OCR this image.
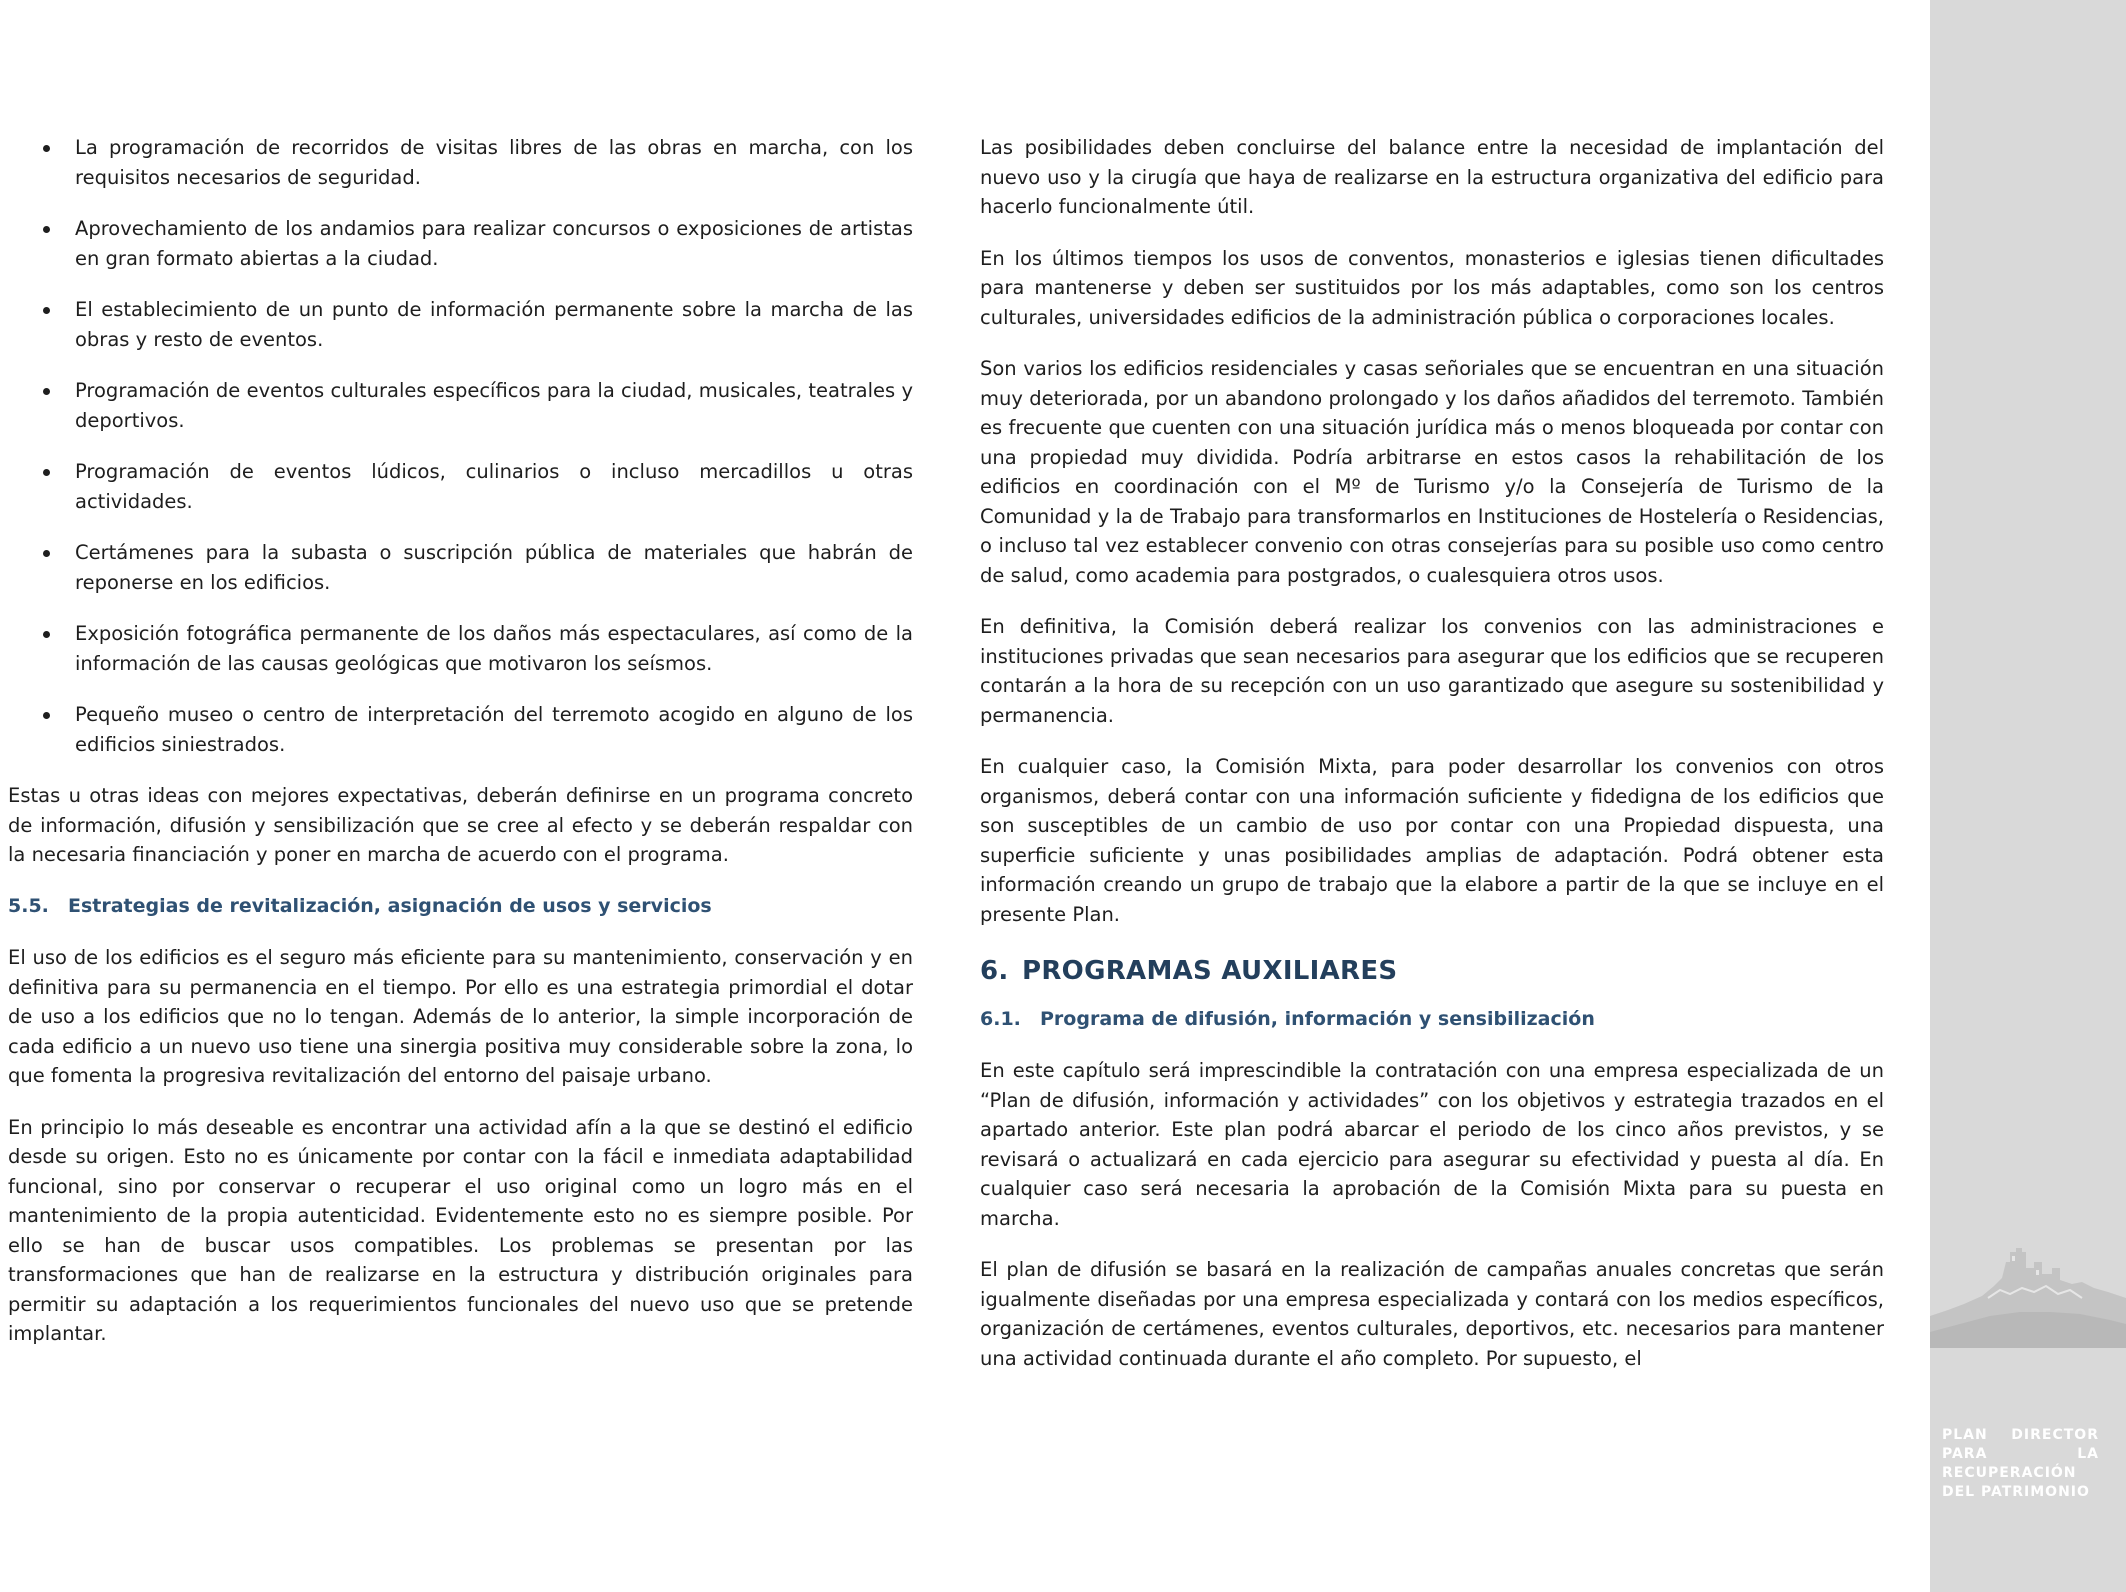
La programación de recorridos de visitas libres de las obras en marcha, con los requisitos necesarios de seguridad.
Aprovechamiento de los andamios para realizar concursos o exposiciones de artistas en gran formato abiertas a la ciudad.
El establecimiento de un punto de información permanente sobre la marcha de las obras y resto de eventos.
Programación de eventos culturales específicos para la ciudad, musicales, teatrales y deportivos.
Programación de eventos lúdicos, culinarios o incluso mercadillos u otras actividades.
Certámenes para la subasta o suscripción pública de materiales que habrán de reponerse en los edificios.
Exposición fotográfica permanente de los daños más espectaculares, así como de la información de las causas geológicas que motivaron los seísmos.
Pequeño museo o centro de interpretación del terremoto acogido en alguno de los edificios siniestrados.

Estas u otras ideas con mejores expectativas, deberán definirse en un programa concreto de información, difusión y sensibilización que se cree al efecto y se deberán respaldar con la necesaria financiación y poner en marcha de acuerdo con el programa.

5.5.	Estrategias de revitalización, asignación de usos y servicios

El uso de los edificios es el seguro más eficiente para su mantenimiento, conservación y en definitiva para su permanencia en el tiempo. Por ello es una estrategia primordial el dotar de uso a los edificios que no lo tengan. Además de lo anterior, la simple incorporación de cada edificio a un nuevo uso tiene una sinergia positiva muy considerable sobre la zona, lo que fomenta la progresiva revitalización del entorno del paisaje urbano.

En principio lo más deseable es encontrar una actividad afín a la que se destinó el edificio desde su origen. Esto no es únicamente por contar con la fácil e inmediata adaptabilidad funcional, sino por conservar o recuperar el uso original como un logro más en el mantenimiento de la propia autenticidad. Evidentemente esto no es siempre posible. Por ello se han de buscar usos compatibles. Los problemas se presentan por las transformaciones que han de realizarse en la estructura y distribución originales para permitir su adaptación a los requerimientos funcionales del nuevo uso que se pretende implantar.

Las posibilidades deben concluirse del balance entre la necesidad de implantación del nuevo uso y la cirugía que haya de realizarse en la estructura organizativa del edificio para hacerlo funcionalmente útil.

En los últimos tiempos los usos de conventos, monasterios e iglesias tienen dificultades para mantenerse y deben ser sustituidos por los más adaptables, como son los centros culturales, universidades edificios de la administración pública o corporaciones locales.

Son varios los edificios residenciales y casas señoriales que se encuentran en una situación muy deteriorada, por un abandono prolongado y los daños añadidos del terremoto. También es frecuente que cuenten con una situación jurídica más o menos bloqueada por contar con una propiedad muy dividida. Podría arbitrarse en estos casos la rehabilitación de los edificios en coordinación con el Mº de Turismo y/o la Consejería de Turismo de la Comunidad y la de Trabajo para transformarlos en Instituciones de Hostelería o Residencias, o incluso tal vez establecer convenio con otras consejerías para su posible uso como centro de salud, como academia para postgrados, o cualesquiera otros usos.

En definitiva, la Comisión deberá realizar los convenios con las administraciones e instituciones privadas que sean necesarios para asegurar que los edificios que se recuperen contarán a la hora de su recepción con un uso garantizado que asegure su sostenibilidad y permanencia.

En cualquier caso, la Comisión Mixta, para poder desarrollar los convenios con otros organismos, deberá contar con una información suficiente y fidedigna de los edificios que son susceptibles de un cambio de uso por contar con una Propiedad dispuesta, una superficie suficiente y unas posibilidades amplias de adaptación. Podrá obtener esta información creando un grupo de trabajo que la elabore a partir de la que se incluye en el presente Plan.

6. PROGRAMAS AUXILIARES
6.1.	Programa de difusión, información y sensibilización

En este capítulo será imprescindible la contratación con una empresa especializada de un “Plan de difusión, información y actividades” con los objetivos y estrategia trazados en el apartado anterior. Este plan podrá abarcar el periodo de los cinco años previstos, y se revisará o actualizará en cada ejercicio para asegurar su efectividad y puesta al día. En cualquier caso será necesaria la aprobación de la Comisión Mixta para su puesta en marcha.

El plan de difusión se basará en la realización de campañas anuales concretas que serán igualmente diseñadas por una empresa especializada y contará con los medios específicos, organización de certámenes, eventos culturales, deportivos, etc. necesarios para mantener una actividad continuada durante el año completo. Por supuesto, el

PLAN DIRECTOR PARA LA RECUPERACIÓN DEL PATRIMONIO
